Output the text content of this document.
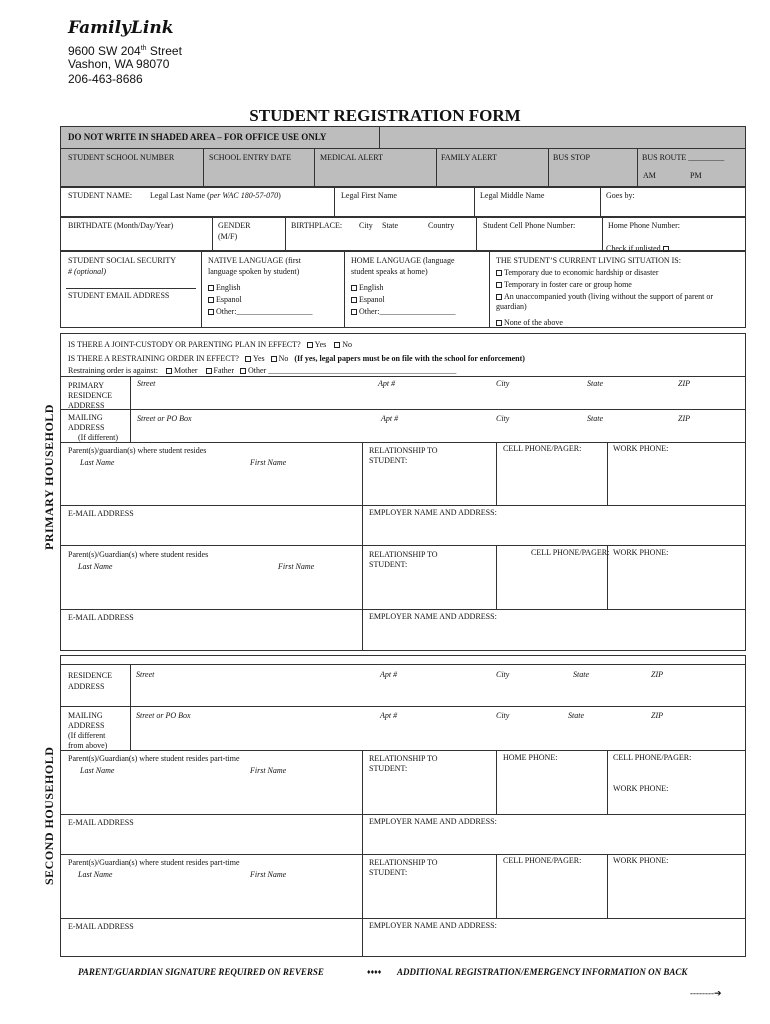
FamilyLink
9600 SW 204th Street
Vashon, WA 98070
206-463-8686
STUDENT REGISTRATION FORM
DO NOT WRITE IN SHADED AREA – FOR OFFICE USE ONLY
STUDENT SCHOOL NUMBER	SCHOOL ENTRY DATE	MEDICAL ALERT	FAMILY ALERT	BUS STOP	BUS ROUTE _________
AM	PM
STUDENT NAME: Legal Last Name (per WAC 180-57-070)	Legal First Name	Legal Middle Name	Goes by:
BIRTHDATE (Month/Day/Year)	GENDER
(M/F)
BIRTHPLACE: City State	Country	Student Cell Phone Number:	Home Phone Number:
Check if unlisted
STUDENT SOCIAL SECURITY
# (optional)
STUDENT EMAIL ADDRESS
NATIVE LANGUAGE (first
language spoken by student)
English
Espanol
Other:___________________
HOME LANGUAGE (language
student speaks at home)
English
Espanol
Other:___________________
THE STUDENT’S CURRENT LIVING SITUATION IS:
Temporary due to economic hardship or disaster
Temporary in foster care or group home
An unaccompanied youth (living without the support of parent or
guardian)
None of the above
PRIMARY HOUSEHOLD
IS THERE A JOINT-CUSTODY OR PARENTING PLAN IN EFFECT? Yes No
IS THERE A RESTRAINING ORDER IN EFFECT? Yes No (If yes, legal papers must be on file with the school for enforcement)
Restraining order is against: Mother Father Other _______________________________________________
PRIMARY
RESIDENCE
ADDRESS
Street	Apt #	City	State	ZIP
MAILING
ADDRESS
(If different)
Street or PO Box	Apt #	City	State	ZIP
Parent(s)/guardian(s) where student resides
Last Name	First Name
RELATIONSHIP TO
STUDENT:
CELL PHONE/PAGER:	WORK PHONE:
E-MAIL ADDRESS	EMPLOYER NAME AND ADDRESS:
Parent(s)/Guardian(s) where student resides
Last Name	First Name
RELATIONSHIP TO
STUDENT:
CELL PHONE/PAGER: WORK PHONE:
E-MAIL ADDRESS	EMPLOYER NAME AND ADDRESS:
SECOND HOUSEHOLD
RESIDENCE
ADDRESS
Street	Apt #	City	State	ZIP
MAILING
ADDRESS
(If different
from above)
Street or PO Box	Apt #	City	State	ZIP
Parent(s)/Guardian(s) where student resides part-time
Last Name	First Name
RELATIONSHIP TO
STUDENT:
HOME PHONE:	CELL PHONE/PAGER:
WORK PHONE:
E-MAIL ADDRESS	EMPLOYER NAME AND ADDRESS:
Parent(s)/Guardian(s) where student resides part-time
Last Name	First Name
RELATIONSHIP TO
STUDENT:
CELL PHONE/PAGER:	WORK PHONE:
E-MAIL ADDRESS	EMPLOYER NAME AND ADDRESS:
PARENT/GUARDIAN SIGNATURE REQUIRED ON REVERSE	♦♦♦♦ ADDITIONAL REGISTRATION/EMERGENCY INFORMATION ON BACK
--------➔
